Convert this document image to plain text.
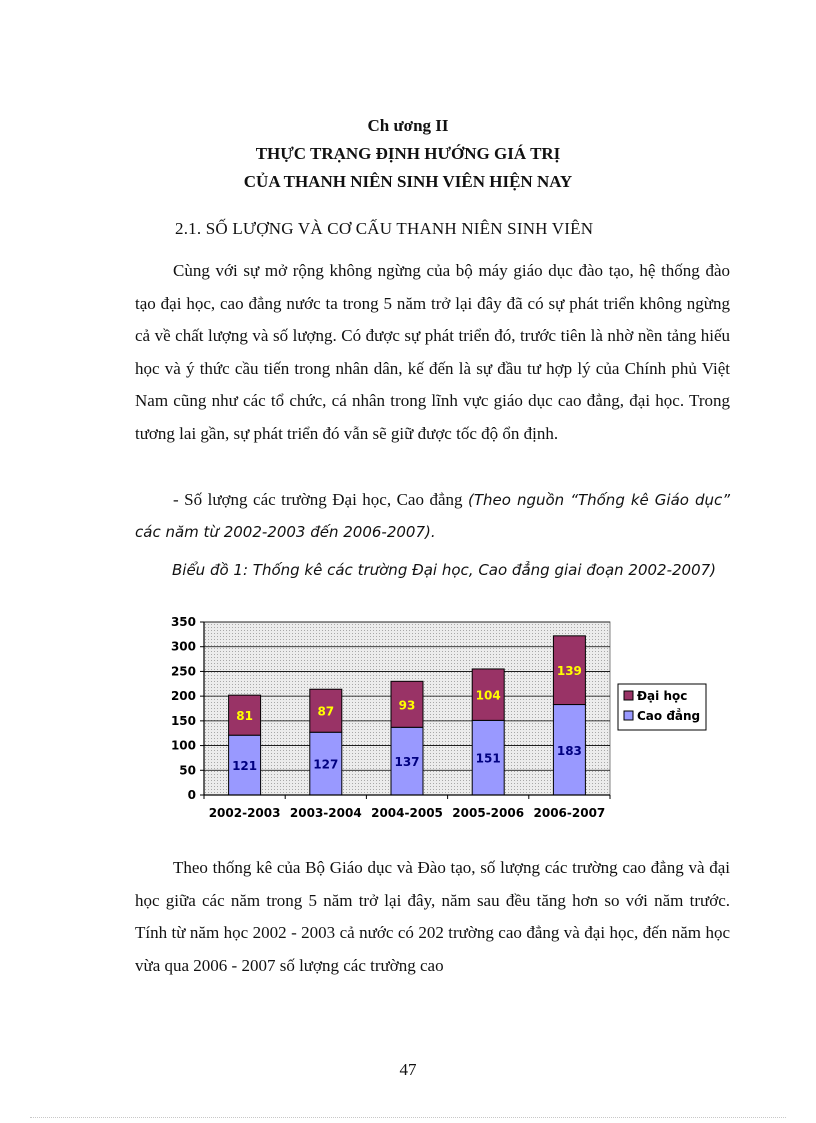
Ch ương II
THỰC TRẠNG ĐỊNH HƯỚNG GIÁ TRỊ
CỦA THANH NIÊN SINH VIÊN HIỆN NAY
2.1. SỐ LƯỢNG VÀ CƠ CẤU THANH NIÊN SINH VIÊN

Cùng với sự mở rộng không ngừng của bộ máy giáo dục đào tạo, hệ thống đào tạo đại học, cao đẳng nước ta trong 5 năm trở lại đây đã có sự phát triển không ngừng cả về chất lượng và số lượng. Có được sự phát triển đó, trước tiên là nhờ nền tảng hiếu học và ý thức cầu tiến trong nhân dân, kế đến là sự đầu tư hợp lý của Chính phủ Việt Nam cũng như các tổ chức, cá nhân trong lĩnh vực giáo dục cao đẳng, đại học. Trong tương lai gần, sự phát triển đó vẫn sẽ giữ được tốc độ ổn định.

- Số lượng các trường Đại học, Cao đẳng (Theo nguồn “Thống kê Giáo dục” các năm từ 2002-2003 đến 2006-2007).
Biểu đồ 1: Thống kê các trường Đại học, Cao đẳng giai đoạn 2002-2007)
121
81
127
87
137
93
151
104
183
139
0
50
100
150
200
250
300
350
2002-2003 2003-2004 2004-2005 2005-2006 2006-2007
Đại học
Cao đẳng

Theo thống kê của Bộ Giáo dục và Đào tạo, số lượng các trường cao đẳng và đại học giữa các năm trong 5 năm trở lại đây, năm sau đều tăng hơn so với năm trước. Tính từ năm học 2002 - 2003 cả nước có 202 trường cao đẳng và đại học, đến năm học vừa qua 2006 - 2007 số lượng các trường cao

47
